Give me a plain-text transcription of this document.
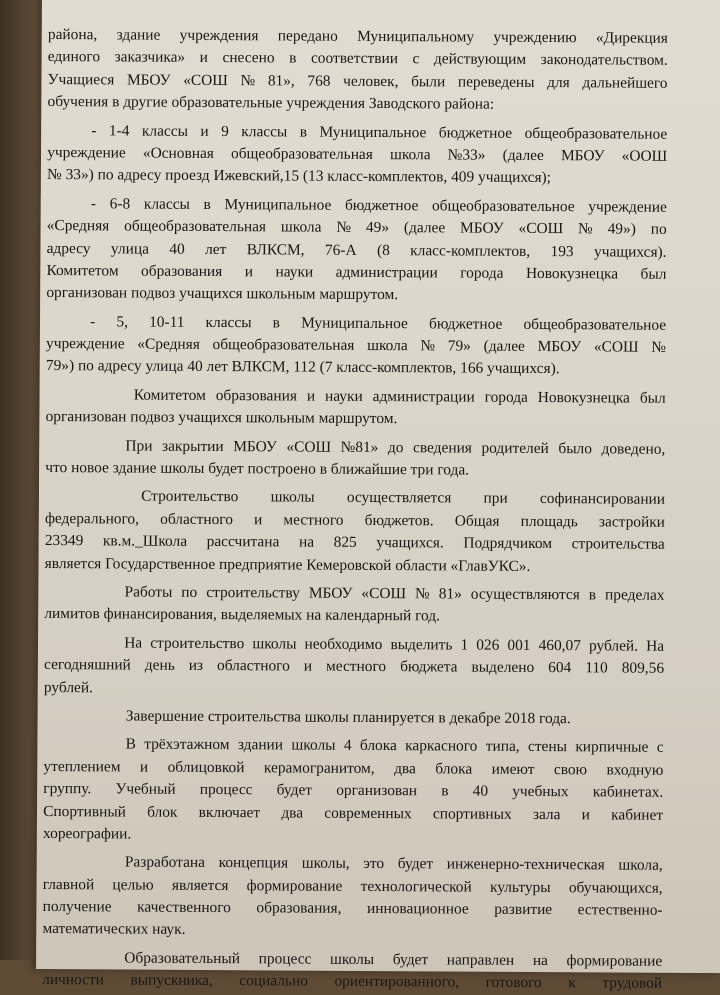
района, здание учреждения передано Муниципальному учреждению «Дирекция
единого заказчика» и снесено в соответствии с действующим законодательством.
Учащиеся МБОУ «СОШ № 81», 768 человек, были переведены для дальнейшего
обучения в другие образовательные учреждения Заводского района:
- 1-4 классы и 9 классы в Муниципальное бюджетное общеобразовательное
учреждение «Основная общеобразовательная школа №33» (далее МБОУ «ООШ
№ 33») по адресу проезд Ижевский,15 (13 класс-комплектов, 409 учащихся);
- 6-8 классы в Муниципальное бюджетное общеобразовательное учреждение
«Средняя общеобразовательная школа № 49» (далее МБОУ «СОШ № 49») по
адресу улица 40 лет ВЛКСМ, 76-А (8 класс-комплектов, 193 учащихся).
Комитетом образования и науки администрации города Новокузнецка был
организован подвоз учащихся школьным маршрутом.
- 5, 10-11 классы в Муниципальное бюджетное общеобразовательное
учреждение «Средняя общеобразовательная школа № 79» (далее МБОУ «СОШ №
79») по адресу улица 40 лет ВЛКСМ, 112 (7 класс-комплектов, 166 учащихся).
Комитетом образования и науки администрации города Новокузнецка был
организован подвоз учащихся школьным маршрутом.
При закрытии МБОУ «СОШ №81» до сведения родителей было доведено,
что новое здание школы будет построено в ближайшие три года.
Строительство школы осуществляется при софинансировании
федерального, областного и местного бюджетов. Общая площадь застройки
23349 кв.м._Школа рассчитана на 825 учащихся. Подрядчиком строительства
является Государственное предприятие Кемеровской области «ГлавУКС».
Работы по строительству МБОУ «СОШ № 81» осуществляются в пределах
лимитов финансирования, выделяемых на календарный год.
На строительство школы необходимо выделить 1 026 001 460,07 рублей. На
сегодняшний день из областного и местного бюджета выделено 604 110 809,56
рублей.
Завершение строительства школы планируется в декабре 2018 года.
В трёхэтажном здании школы 4 блока каркасного типа, стены кирпичные с
утеплением и облицовкой керамогранитом, два блока имеют свою входную
группу. Учебный процесс будет организован в 40 учебных кабинетах.
Спортивный блок включает два современных спортивных зала и кабинет
хореографии.
Разработана концепция школы, это будет инженерно-техническая школа,
главной целью является формирование технологической культуры обучающихся,
получение качественного образования, инновационное развитие естественно-
математических наук.
Образовательный процесс школы будет направлен на формирование
личности выпускника, социально ориентированного, готового к трудовой
